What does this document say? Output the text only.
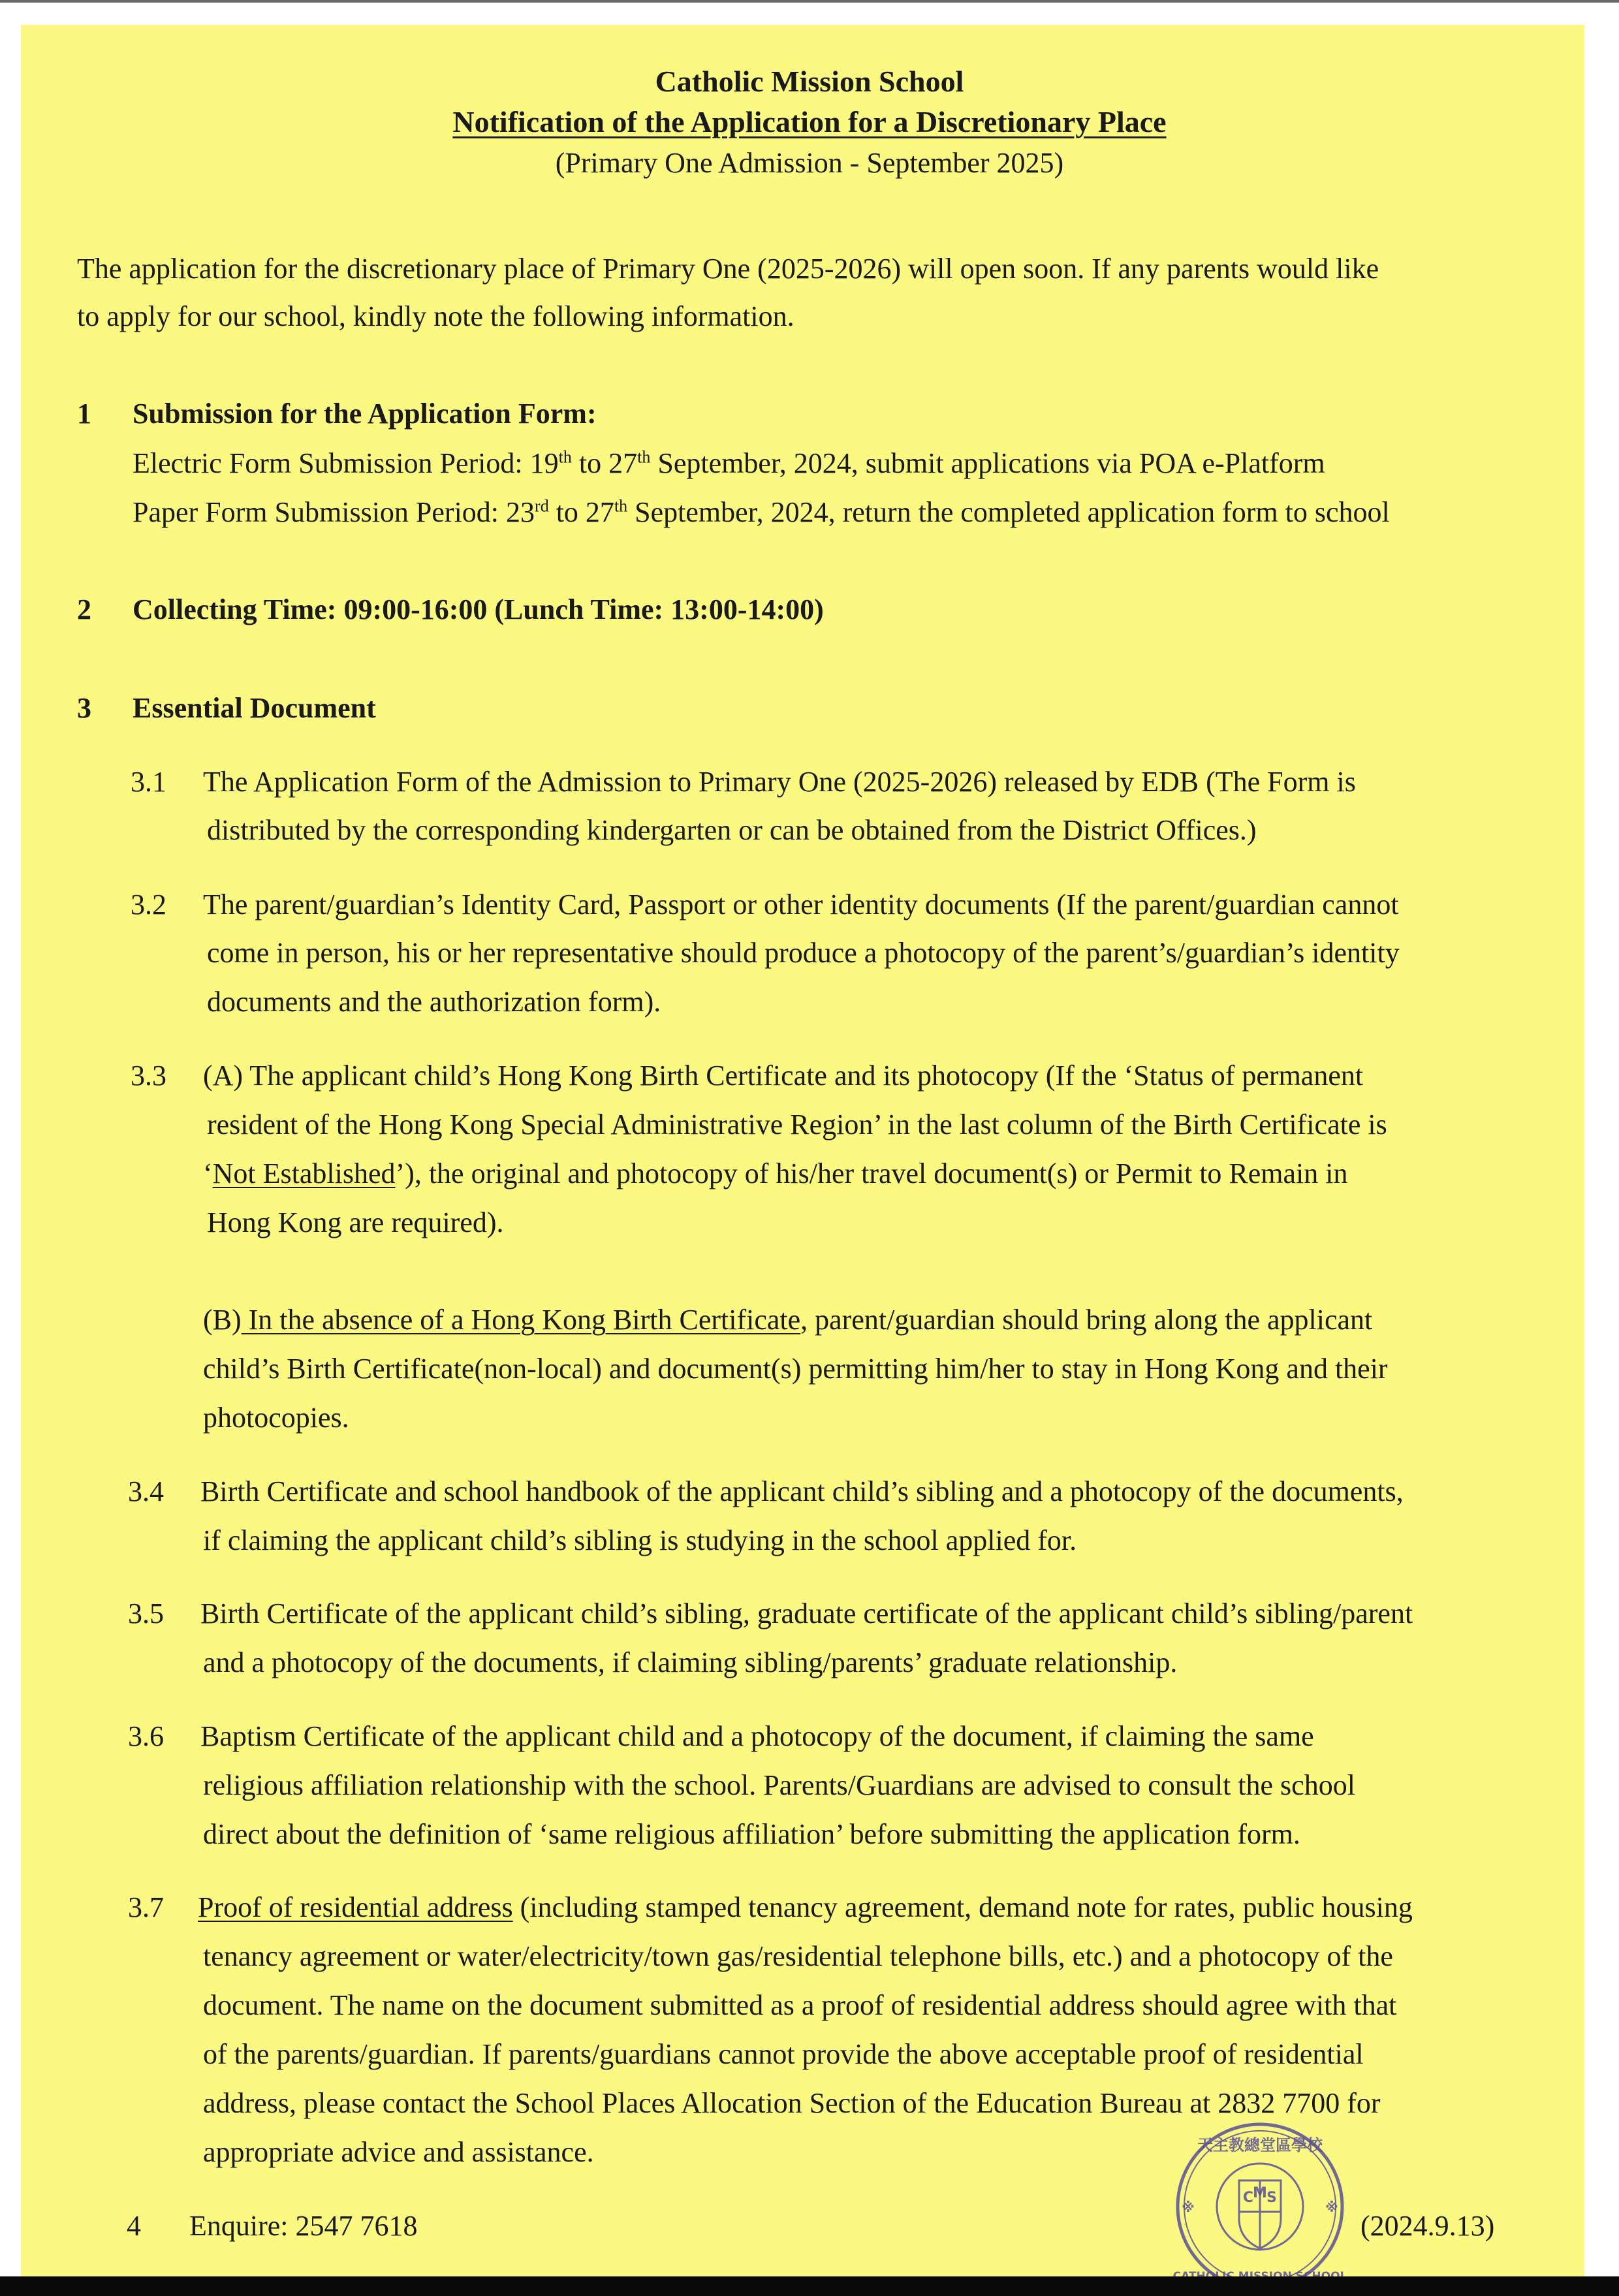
Catholic Mission School
Notification of the Application for a Discretionary Place
(Primary One Admission - September 2025)
The application for the discretionary place of Primary One (2025-2026) will open soon. If any parents would like
to apply for our school, kindly note the following information.
1 Submission for the Application Form:
Electric Form Submission Period: 19th to 27th September, 2024, submit applications via POA e-Platform
Paper Form Submission Period: 23rd to 27th September, 2024, return the completed application form to school
2 Collecting Time: 09:00-16:00 (Lunch Time: 13:00-14:00)
3 Essential Document
3.1 The Application Form of the Admission to Primary One (2025-2026) released by EDB (The Form is
distributed by the corresponding kindergarten or can be obtained from the District Offices.)
3.2 The parent/guardian’s Identity Card, Passport or other identity documents (If the parent/guardian cannot
come in person, his or her representative should produce a photocopy of the parent’s/guardian’s identity
documents and the authorization form).
3.3 (A) The applicant child’s Hong Kong Birth Certificate and its photocopy (If the ‘Status of permanent
resident of the Hong Kong Special Administrative Region’ in the last column of the Birth Certificate is
‘Not Established’), the original and photocopy of his/her travel document(s) or Permit to Remain in
Hong Kong are required).
(B) In the absence of a Hong Kong Birth Certificate, parent/guardian should bring along the applicant
child’s Birth Certificate(non-local) and document(s) permitting him/her to stay in Hong Kong and their
photocopies.
3.4 Birth Certificate and school handbook of the applicant child’s sibling and a photocopy of the documents,
if claiming the applicant child’s sibling is studying in the school applied for.
3.5 Birth Certificate of the applicant child’s sibling, graduate certificate of the applicant child’s sibling/parent
and a photocopy of the documents, if claiming sibling/parents’ graduate relationship.
3.6 Baptism Certificate of the applicant child and a photocopy of the document, if claiming the same
religious affiliation relationship with the school. Parents/Guardians are advised to consult the school
direct about the definition of ‘same religious affiliation’ before submitting the application form.
3.7 Proof of residential address (including stamped tenancy agreement, demand note for rates, public housing
tenancy agreement or water/electricity/town gas/residential telephone bills, etc.) and a photocopy of the
document. The name on the document submitted as a proof of residential address should agree with that
of the parents/guardian. If parents/guardians cannot provide the above acceptable proof of residential
address, please contact the School Places Allocation Section of the Education Bureau at 2832 7700 for
appropriate advice and assistance.
4 Enquire: 2547 7618	(2024.9.13)
C
M S
天主教總堂區學校
※	※
